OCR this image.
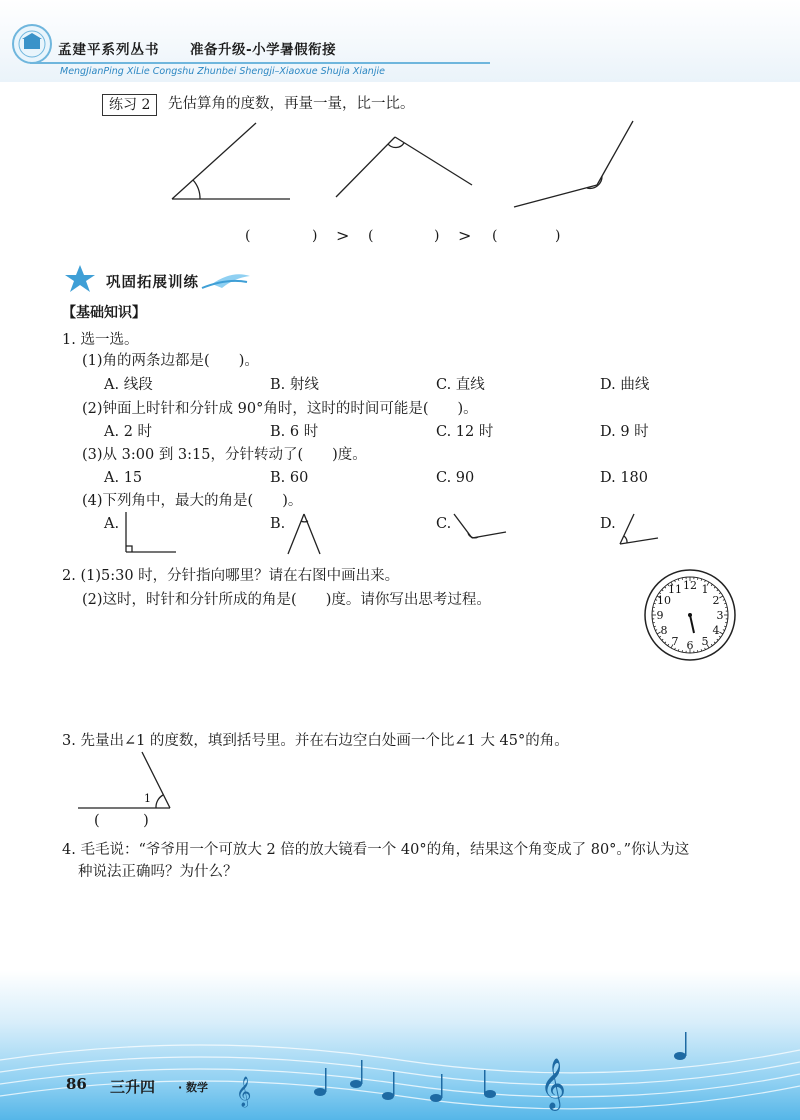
孟建平系列丛书 准备升级-小学暑假衔接
MengJianPing XiLie Congshu Zhunbei Shengji–Xiaoxue Shujia Xianjie
练习 2	先估算角的度数，再量一量，比一比。
(	) > (	) > (	)
巩固拓展训练
【基础知识】
1. 选一选。
(1)角的两条边都是(　　)。
A. 线段	B. 射线	C. 直线	D. 曲线
(2)钟面上时针和分针成 90°角时，这时的时间可能是(　　)。
A. 2 时	B. 6 时	C. 12 时	D. 9 时
(3)从 3:00 到 3:15，分针转动了(　　)度。
A. 15	B. 60	C. 90	D. 180
(4)下列角中，最大的角是(　　)。
A.	B.	C.	D.
2. (1)5:30 时，分针指向哪里？请在右图中画出来。
(2)这时，时针和分针所成的角是(　　)度。请你写出思考过程。
12 1
2
3
4
5
6
7
8
9
10
11
3. 先量出∠1 的度数，填到括号里。并在右边空白处画一个比∠1 大 45°的角。
1
(　　　)
4. 毛毛说：“爷爷用一个可放大 2 倍的放大镜看一个 40°的角，结果这个角变成了 80°。”你认为这
种说法正确吗？为什么？
𝄞
𝄞
86 三升四 · 数学
